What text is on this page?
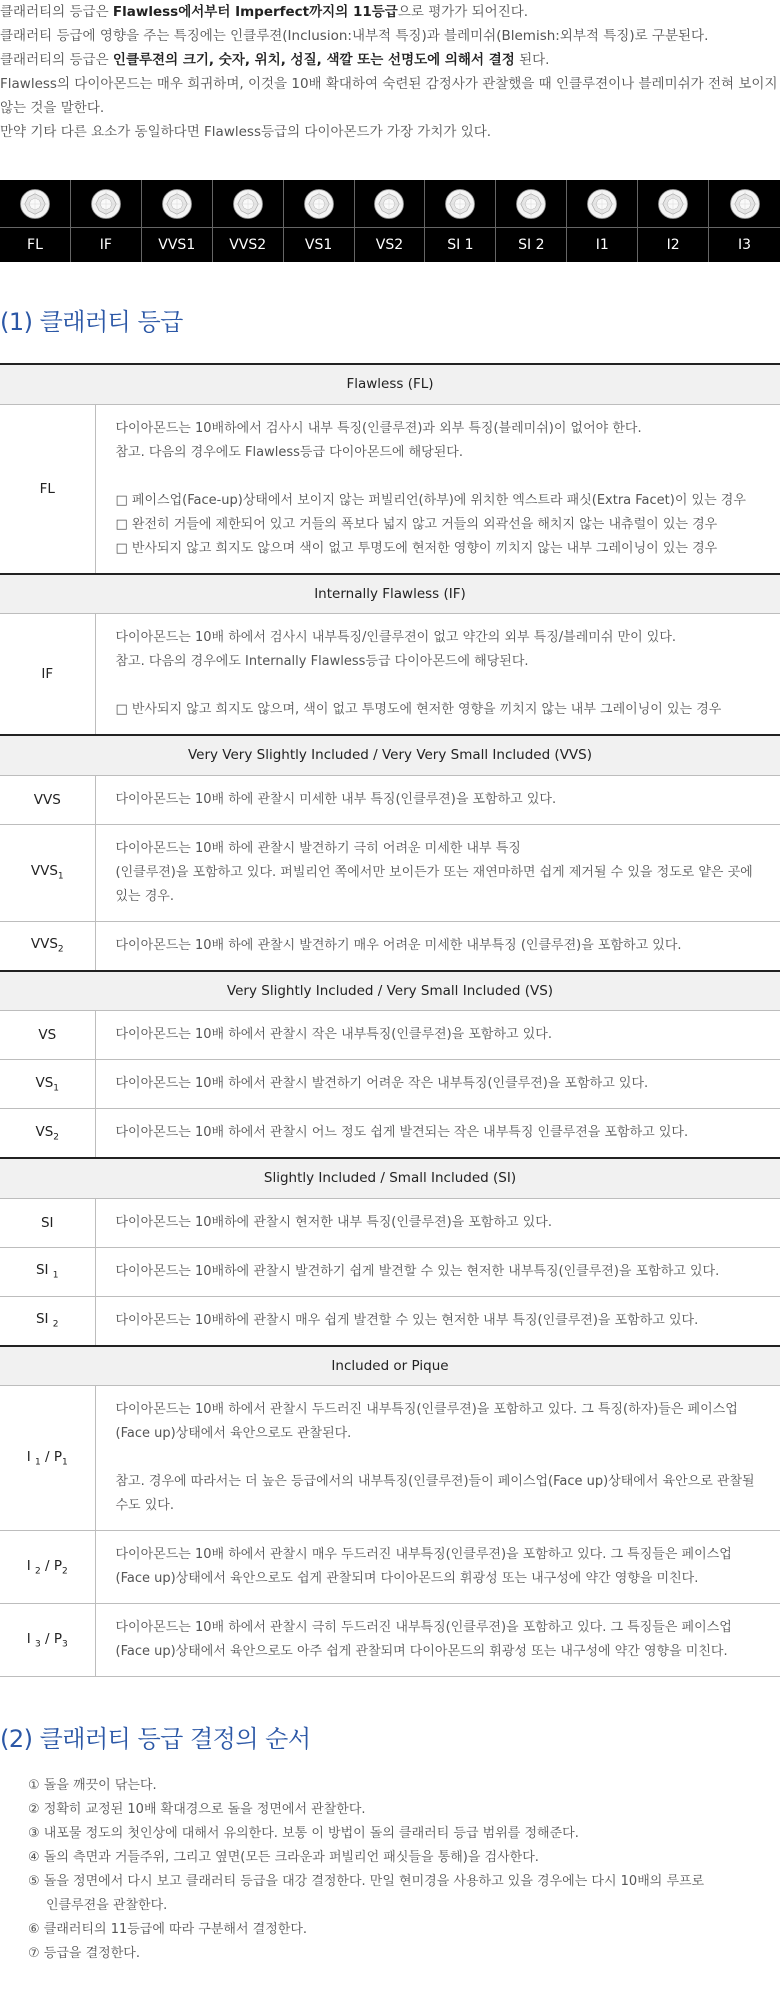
클래러티의 등급은 Flawless에서부터 Imperfect까지의 11등급으로 평가가 되어진다.

클래러티 등급에 영향을 주는 특징에는 인클루젼(Inclusion:내부적 특징)과 블레미쉬(Blemish:외부적 특징)로 구분된다.

클래러티의 등급은 인클루젼의 크기, 숫자, 위치, 성질, 색깔 또는 선명도에 의해서 결정 된다.

Flawless의 다이아몬드는 매우 희귀하며, 이것을 10배 확대하여 숙련된 감정사가 관찰했을 때 인클루젼이나 블레미쉬가 전혀 보이지 않는 것을 말한다.

만약 기타 다른 요소가 동일하다면 Flawless등급의 다이아몬드가 가장 가치가 있다.

FL	IF	VVS1	VVS2	VS1	VS2	SI 1	SI 2	I1	I2	I3
(1) 클래러티 등급
Flawless (FL)	
FL	다이아몬드는 10배하에서 검사시 내부 특징(인클루젼)과 외부 특징(블레미쉬)이 없어야 한다.
참고. 다음의 경우에도 Flawless등급 다이아몬드에 해당된다.
□ 페이스업(Face-up)상태에서 보이지 않는 퍼빌리언(하부)에 위치한 엑스트라 패싯(Extra Facet)이 있는 경우
□ 완전히 거들에 제한되어 있고 거들의 폭보다 넓지 않고 거들의 외곽선을 해치지 않는 내츄럴이 있는 경우
□ 반사되지 않고 희지도 않으며 색이 없고 투명도에 현저한 영향이 끼치지 않는 내부 그레이닝이 있는 경우

Internally Flawless (IF)	
IF	다이아몬드는 10배 하에서 검사시 내부특징/인클루젼이 없고 약간의 외부 특징/블레미쉬 만이 있다.
참고. 다음의 경우에도 Internally Flawless등급 다이아몬드에 해당된다.
□ 반사되지 않고 희지도 않으며, 색이 없고 투명도에 현저한 영향을 끼치지 않는 내부 그레이닝이 있는 경우

Very Very Slightly Included / Very Very Small Included (VVS)	
VVS	다이아몬드는 10배 하에 관찰시 미세한 내부 특징(인클루젼)을 포함하고 있다.
$VVS_1$	다이아몬드는 10배 하에 관찰시 발견하기 극히 어려운 미세한 내부 특징
(인클루젼)을 포함하고 있다. 퍼빌리언 쪽에서만 보이든가 또는 재연마하면 쉽게 제거될 수 있을 정도로 얕은 곳에 있는 경우.

$VVS_2$	다이아몬드는 10배 하에 관찰시 발견하기 매우 어려운 미세한 내부특징 (인클루젼)을 포함하고 있다.
Very Slightly Included / Very Small Included (VS)	
VS	다이아몬드는 10배 하에서 관찰시 작은 내부특징(인클루젼)을 포함하고 있다.
$VS_1$	다이아몬드는 10배 하에서 관찰시 발견하기 어려운 작은 내부특징(인클루젼)을 포함하고 있다.
$VS_2$	다이아몬드는 10배 하에서 관찰시 어느 정도 쉽게 발견되는 작은 내부특징 인클루젼을 포함하고 있다.
Slightly Included / Small Included (SI)	
SI	다이아몬드는 10배하에 관찰시 현저한 내부 특징(인클루젼)을 포함하고 있다.
SI $_1$	다이아몬드는 10배하에 관찰시 발견하기 쉽게 발견할 수 있는 현저한 내부특징(인클루젼)을 포함하고 있다.
SI $_2$	다이아몬드는 10배하에 관찰시 매우 쉽게 발견할 수 있는 현저한 내부 특징(인클루젼)을 포함하고 있다.
Included or Pique	
I $_1 / P_1$	다이아몬드는 10배 하에서 관찰시 두드러진 내부특징(인클루젼)을 포함하고 있다. 그 특징(하자)들은 페이스업(Face up)상태에서 육안으로도 관찰된다.
참고. 경우에 따라서는 더 높은 등급에서의 내부특징(인클루젼)들이 페이스업(Face up)상태에서 육안으로 관찰될 수도 있다.

I $_2 / P_2$	다이아몬드는 10배 하에서 관찰시 매우 두드러진 내부특징(인클루젼)을 포함하고 있다. 그 특징들은 페이스업(Face up)상태에서 육안으로도 쉽게 관찰되며 다이아몬드의 휘광성 또는 내구성에 약간 영향을 미친다.
I $_3 / P_3$	다이아몬드는 10배 하에서 관찰시 극히 두드러진 내부특징(인클루젼)을 포함하고 있다. 그 특징들은 페이스업(Face up)상태에서 육안으로도 아주 쉽게 관찰되며 다이아몬드의 휘광성 또는 내구성에 약간 영향을 미친다.
(2) 클래러티 등급 결정의 순서
① 돌을 깨끗이 닦는다.
② 정확히 교정된 10배 확대경으로 돌을 정면에서 관찰한다.
③ 내포물 정도의 첫인상에 대해서 유의한다. 보통 이 방법이 돌의 클래러티 등급 범위를 정해준다.
④ 돌의 측면과 거들주위, 그리고 옆면(모든 크라운과 퍼빌리언 패싯들을 통해)을 검사한다.
⑤ 돌을 정면에서 다시 보고 클래러티 등급을 대강 결정한다. 만일 현미경을 사용하고 있을 경우에는 다시 10배의 루프로
인클루젼을 관찰한다.
⑥ 클래러티의 11등급에 따라 구분해서 결정한다.
⑦ 등급을 결정한다.
